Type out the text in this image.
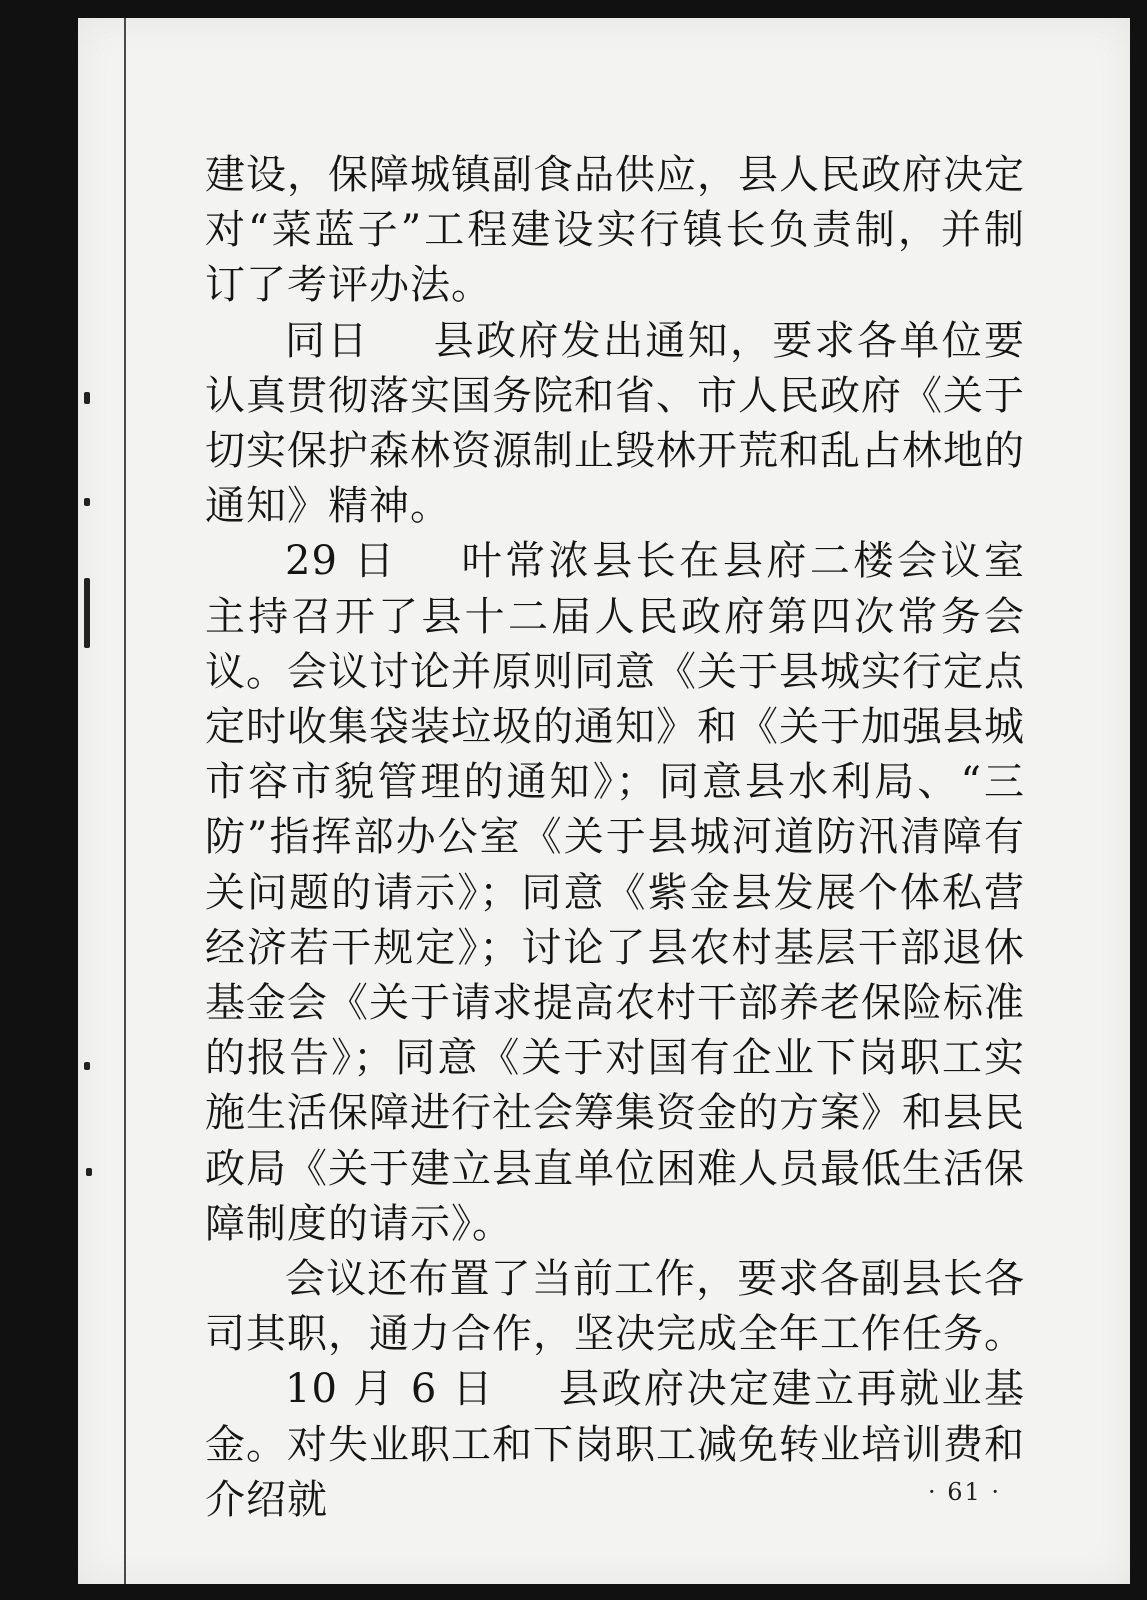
建设，保障城镇副食品供应，县人民政府决定对“菜蓝子”工程建设实行镇长负责制，并制订了考评办法。

同日 县政府发出通知，要求各单位要认真贯彻落实国务院和省、市人民政府《关于切实保护森林资源制止毁林开荒和乱占林地的通知》精神。

29 日 叶常浓县长在县府二楼会议室主持召开了县十二届人民政府第四次常务会议。会议讨论并原则同意《关于县城实行定点定时收集袋装垃圾的通知》和《关于加强县城市容市貌管理的通知》；同意县水利局、“三防”指挥部办公室《关于县城河道防汛清障有关问题的请示》；同意《紫金县发展个体私营经济若干规定》；讨论了县农村基层干部退休基金会《关于请求提高农村干部养老保险标准的报告》；同意《关于对国有企业下岗职工实施生活保障进行社会筹集资金的方案》和县民政局《关于建立县直单位困难人员最低生活保障制度的请示》。

会议还布置了当前工作，要求各副县长各司其职，通力合作，坚决完成全年工作任务。

10 月 6 日 县政府决定建立再就业基金。对失业职工和下岗职工减免转业培训费和介绍就	· 61 ·
